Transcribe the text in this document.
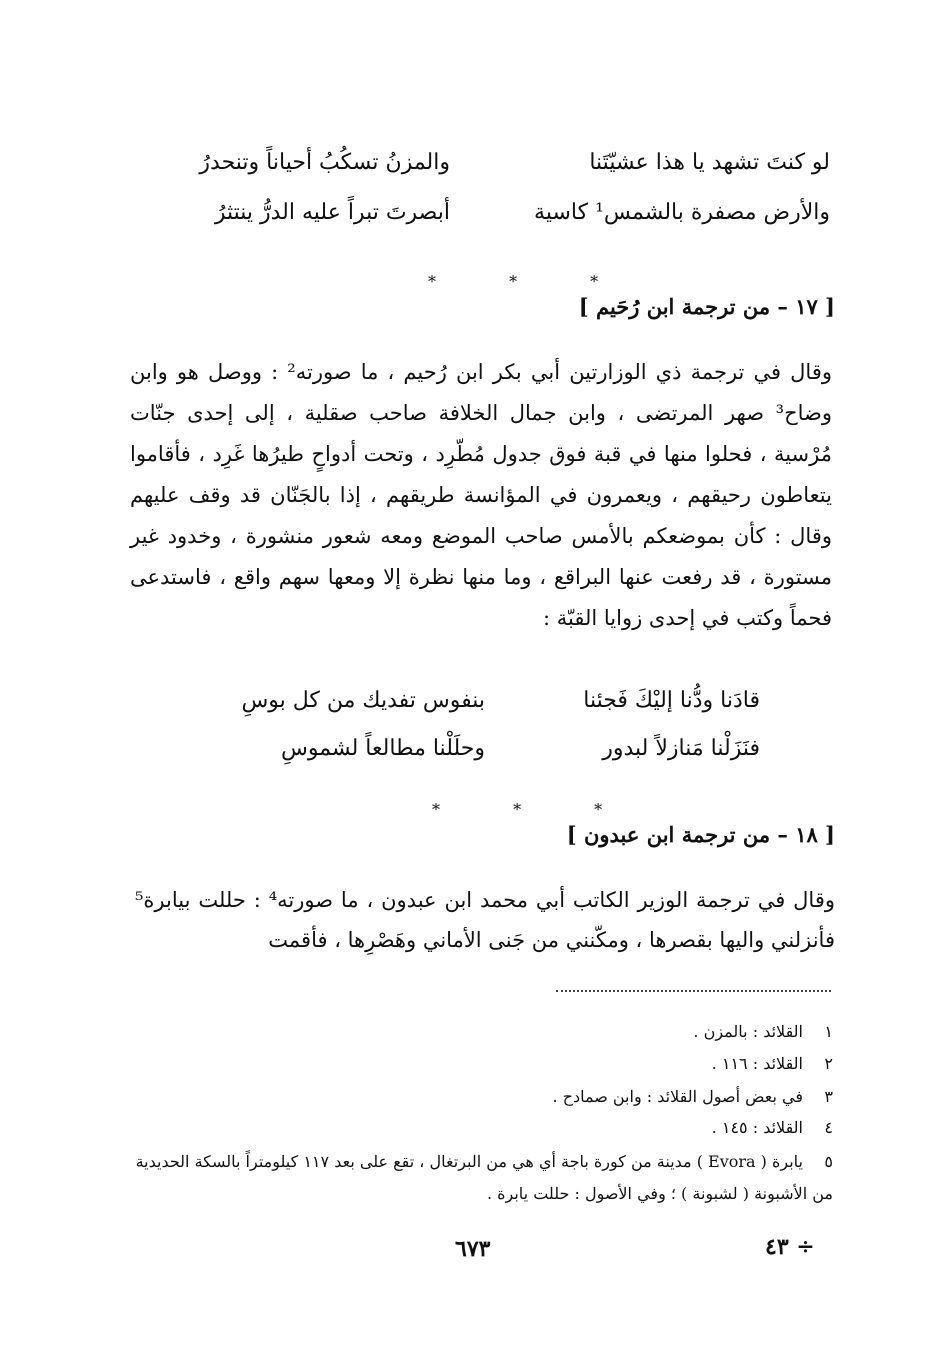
لو كنتَ تشهد يا هذا عشيّتَنا
والمزنُ تسكُبُ أحياناً وتنحدرُ
والأرض مصفرة بالشمس¹ كاسية
أبصرتَ تبراً عليه الدرُّ ينتثرُ
* * *
[ ١٧ – من ترجمة ابن رُحَيم ]
وقال في ترجمة ذي الوزارتين أبي بكر ابن رُحيم ، ما صورته² : ووصل هو وابن وضاح³ صهر المرتضى ، وابن جمال الخلافة صاحب صقلية ، إلى إحدى جنّات مُرْسية ، فحلوا منها في قبة فوق جدول مُطّرِد ، وتحت أدواحٍ طيرُها غَرِد ، فأقاموا يتعاطون رحيقهم ، ويعمرون في المؤانسة طريقهم ، إذا بالجَنّان قد وقف عليهم وقال : كأن بموضعكم بالأمس صاحب الموضع ومعه شعور منشورة ، وخدود غير مستورة ، قد رفعت عنها البراقع ، وما منها نظرة إلا ومعها سهم واقع ، فاستدعى فحماً وكتب في إحدى زوايا القبّة :
قادَنا ودُّنا إليْكَ فَجئنا
بنفوس تفديك من كل بوسِ
فنَزَلْنا مَنازلاً لبدور
وحلَلْنا مطالعاً لشموسِ
* * *
[ ١٨ – من ترجمة ابن عبدون ]
وقال في ترجمة الوزير الكاتب أبي محمد ابن عبدون ، ما صورته⁴ : حللت بيابرة⁵ فأنزلني واليها بقصرها ، ومكّنني من جَنى الأماني وهَصْرِها ، فأقمت
١القلائد : بالمزن .
٢القلائد : ١١٦ .
٣في بعض أصول القلائد : وابن صمادح .
٤القلائد : ١٤٥ .
٥يابرة ( Evora ) مدينة من كورة باجة أي هي من البرتغال ، تقع على بعد ١١٧ كيلومتراً بالسكة الحديدية من الأشبونة ( لشبونة ) ؛ وفي الأصول : حللت يابرة .
٦٧٣	٤٣ ÷
